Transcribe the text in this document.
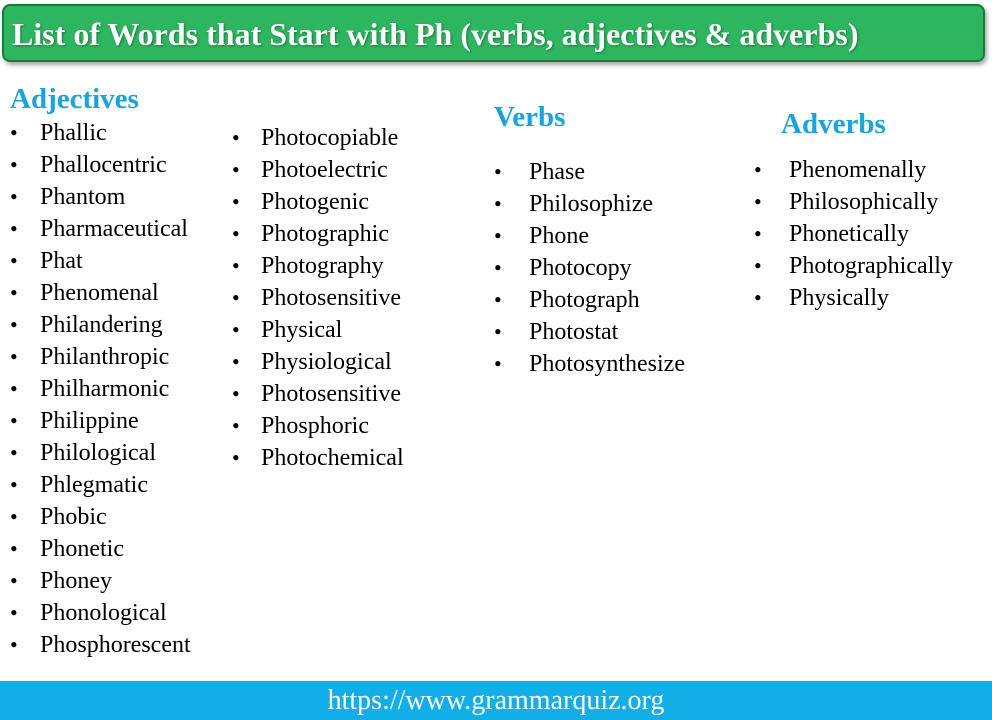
List of Words that Start with Ph (verbs, adjectives & adverbs)
Adjectives
• Phallic
• Phallocentric
• Phantom
• Pharmaceutical
• Phat
• Phenomenal
• Philandering
• Philanthropic
• Philharmonic
• Philippine
• Philological
• Phlegmatic
• Phobic
• Phonetic
• Phoney
• Phonological
• Phosphorescent
• Photocopiable
• Photoelectric
• Photogenic
• Photographic
• Photography
• Photosensitive
• Physical
• Physiological
• Photosensitive
• Phosphoric
• Photochemical
Verbs
• Phase
• Philosophize
• Phone
• Photocopy
• Photograph
• Photostat
• Photosynthesize
Adverbs
• Phenomenally
• Philosophically
• Phonetically
• Photographically
• Physically
https://www.grammarquiz.org
